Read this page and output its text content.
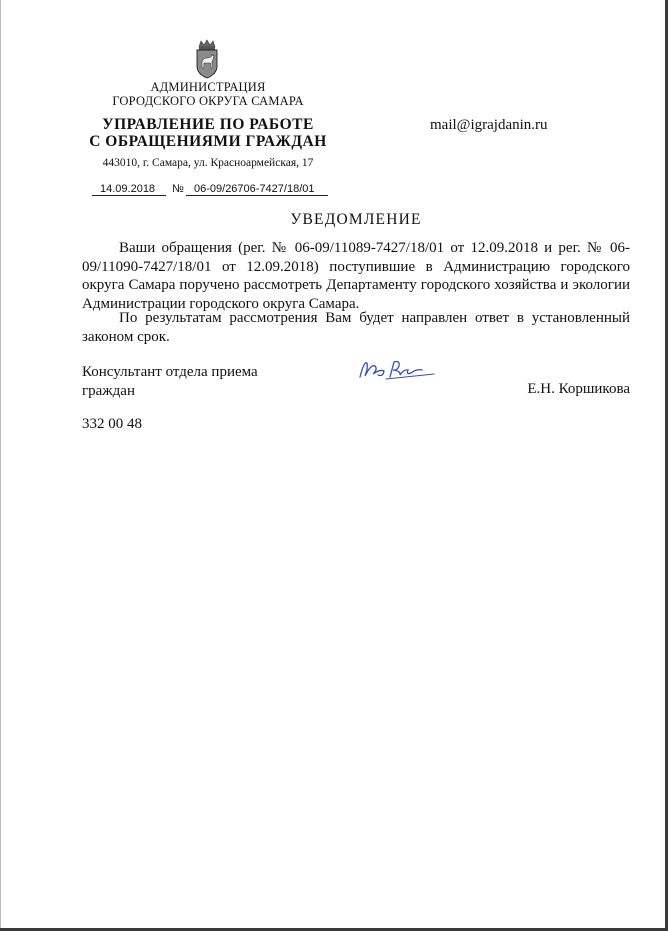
АДМИНИСТРАЦИЯ
ГОРОДСКОГО ОКРУГА САМАРА
УПРАВЛЕНИЕ ПО РАБОТЕ
С ОБРАЩЕНИЯМИ ГРАЖДАН
443010, г. Самара, ул. Красноармейская, 17
mail@igrajdanin.ru
14.09.2018	№ 06-09/26706-7427/18/01
УВЕДОМЛЕНИЕ

Ваши обращения (рег. № 06-09/11089-7427/18/01 от 12.09.2018 и рег. № 06-09/11090-7427/18/01 от 12.09.2018) поступившие в Администрацию городского округа Самара поручено рассмотреть Департаменту городского хозяйства и экологии Администрации городского округа Самара.

По результатам рассмотрения Вам будет направлен ответ в установленный законом срок.

Консультант отдела приема
граждан	Е.Н. Коршикова
332 00 48
